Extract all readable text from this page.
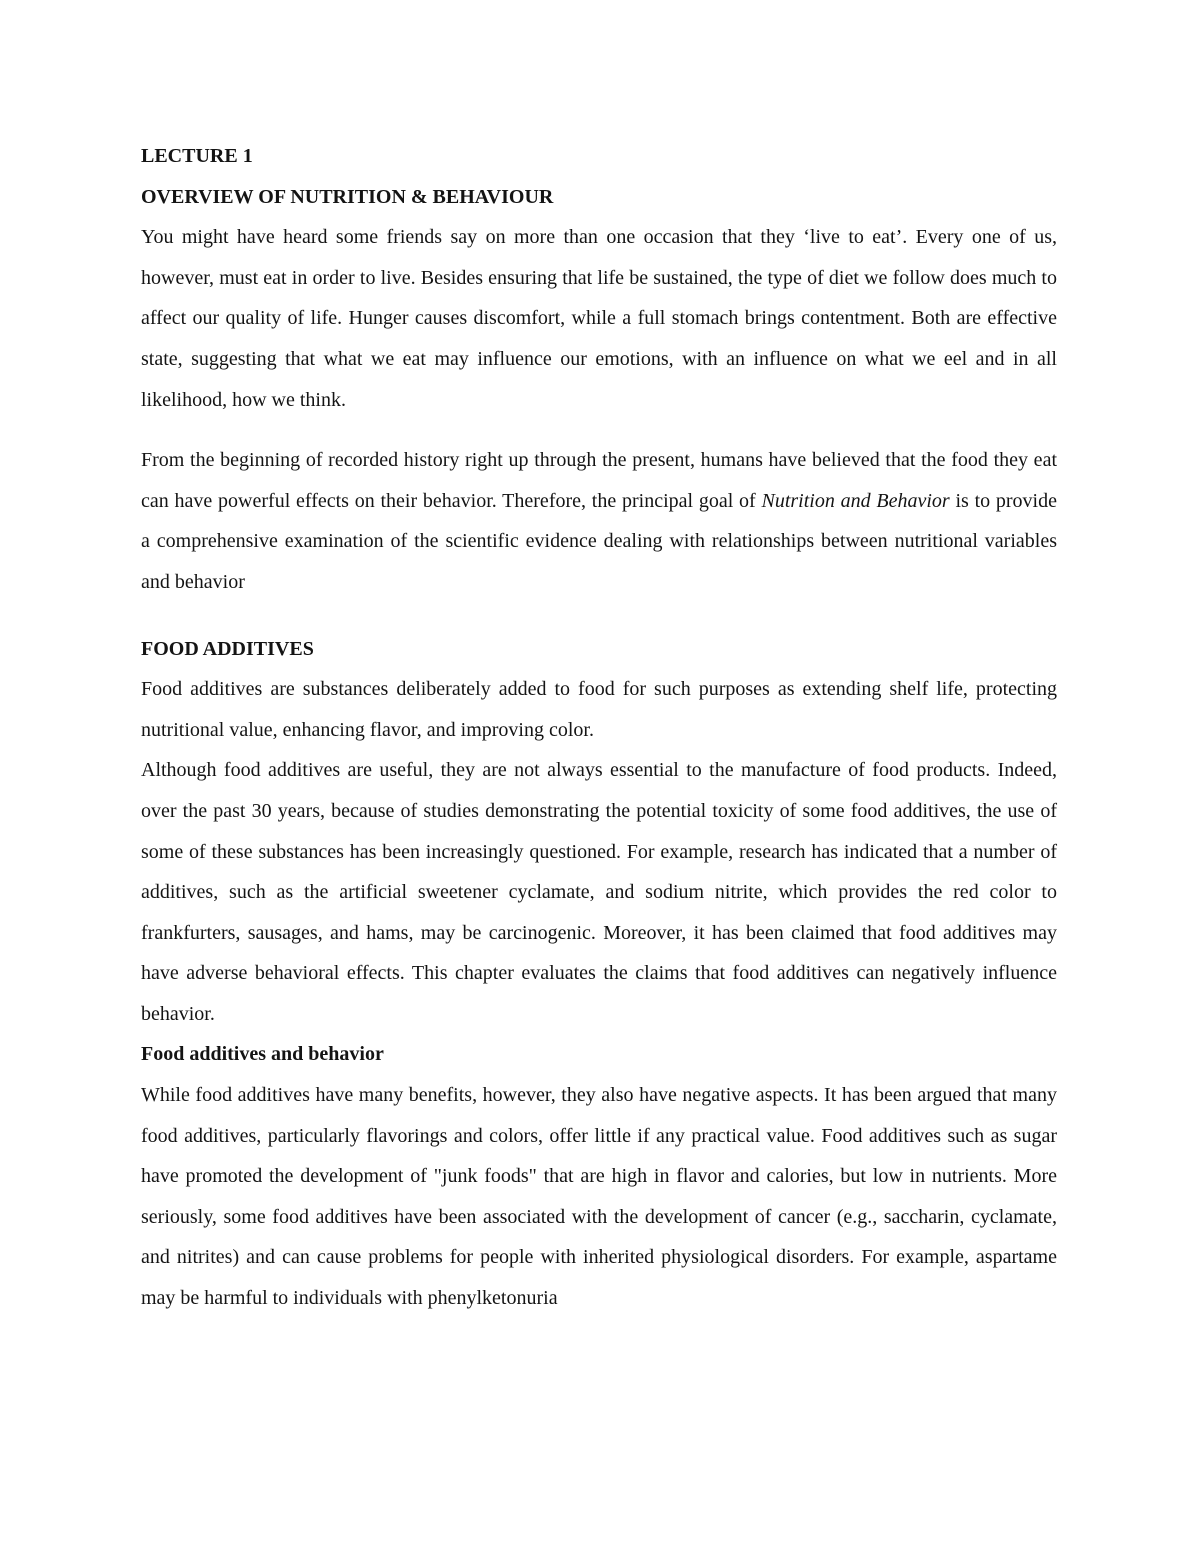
LECTURE 1

OVERVIEW OF NUTRITION & BEHAVIOUR

You might have heard some friends say on more than one occasion that they ‘live to eat’. Every one of us, however, must eat in order to live. Besides ensuring that life be sustained, the type of diet we follow does much to affect our quality of life. Hunger causes discomfort, while a full stomach brings contentment. Both are effective state, suggesting that what we eat may influence our emotions, with an influence on what we eel and in all likelihood, how we think.

From the beginning of recorded history right up through the present, humans have believed that the food they eat can have powerful effects on their behavior. Therefore, the principal goal of Nutrition and Behavior is to provide a comprehensive examination of the scientific evidence dealing with relationships between nutritional variables and behavior

FOOD ADDITIVES

Food additives are substances deliberately added to food for such purposes as extending shelf life, protecting nutritional value, enhancing flavor, and improving color.

Although food additives are useful, they are not always essential to the manufacture of food products. Indeed, over the past 30 years, because of studies demonstrating the potential toxicity of some food additives, the use of some of these substances has been increasingly questioned. For example, research has indicated that a number of additives, such as the artificial sweetener cyclamate, and sodium nitrite, which provides the red color to frankfurters, sausages, and hams, may be carcinogenic. Moreover, it has been claimed that food additives may have adverse behavioral effects. This chapter evaluates the claims that food additives can negatively influence behavior.

Food additives and behavior

While food additives have many benefits, however, they also have negative aspects. It has been argued that many food additives, particularly flavorings and colors, offer little if any practical value. Food additives such as sugar have promoted the development of "junk foods" that are high in flavor and calories, but low in nutrients. More seriously, some food additives have been associated with the development of cancer (e.g., saccharin, cyclamate, and nitrites) and can cause problems for people with inherited physiological disorders. For example, aspartame may be harmful to individuals with phenylketonuria
